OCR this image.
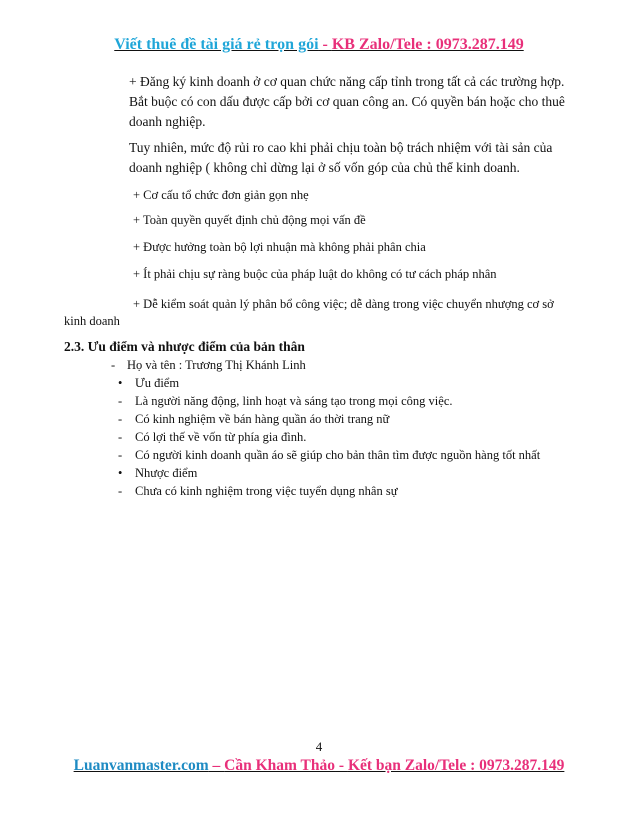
Viết thuê đề tài giá rẻ trọn gói - KB Zalo/Tele : 0973.287.149
+ Đăng ký kinh doanh ở cơ quan chức năng cấp tỉnh trong tất cả các trường hợp.
Bắt buộc có con dấu được cấp bởi cơ quan công an. Có quyền bán hoặc cho thuê
doanh nghiệp.
Tuy nhiên, mức độ rủi ro cao khi phải chịu toàn bộ trách nhiệm với tài sản của
doanh nghiệp ( không chỉ dừng lại ở số vốn góp của chủ thể kinh doanh.
+ Cơ cấu tổ chức đơn giản gọn nhẹ
+ Toàn quyền quyết định chủ động mọi vấn đề
+ Được hưởng toàn bộ lợi nhuận mà không phải phân chia
+ Ít phải chịu sự ràng buộc của pháp luật do không có tư cách pháp nhân
+ Dễ kiểm soát quản lý phân bổ công việc; dễ dàng trong việc chuyển nhượng cơ sở
kinh doanh
2.3. Ưu điểm và nhược điểm của bản thân
- Họ và tên : Trương Thị Khánh Linh
• Ưu điểm
- Là người năng động, linh hoạt và sáng tạo trong mọi công việc.
- Có kinh nghiệm về bán hàng quần áo thời trang nữ
- Có lợi thế về vốn từ phía gia đình.
- Có người kinh doanh quần áo sẽ giúp cho bản thân tìm được nguồn hàng tốt nhất
• Nhược điểm
- Chưa có kinh nghiệm trong việc tuyển dụng nhân sự
4
Luanvanmaster.com – Cần Kham Thảo - Kết bạn Zalo/Tele : 0973.287.149
